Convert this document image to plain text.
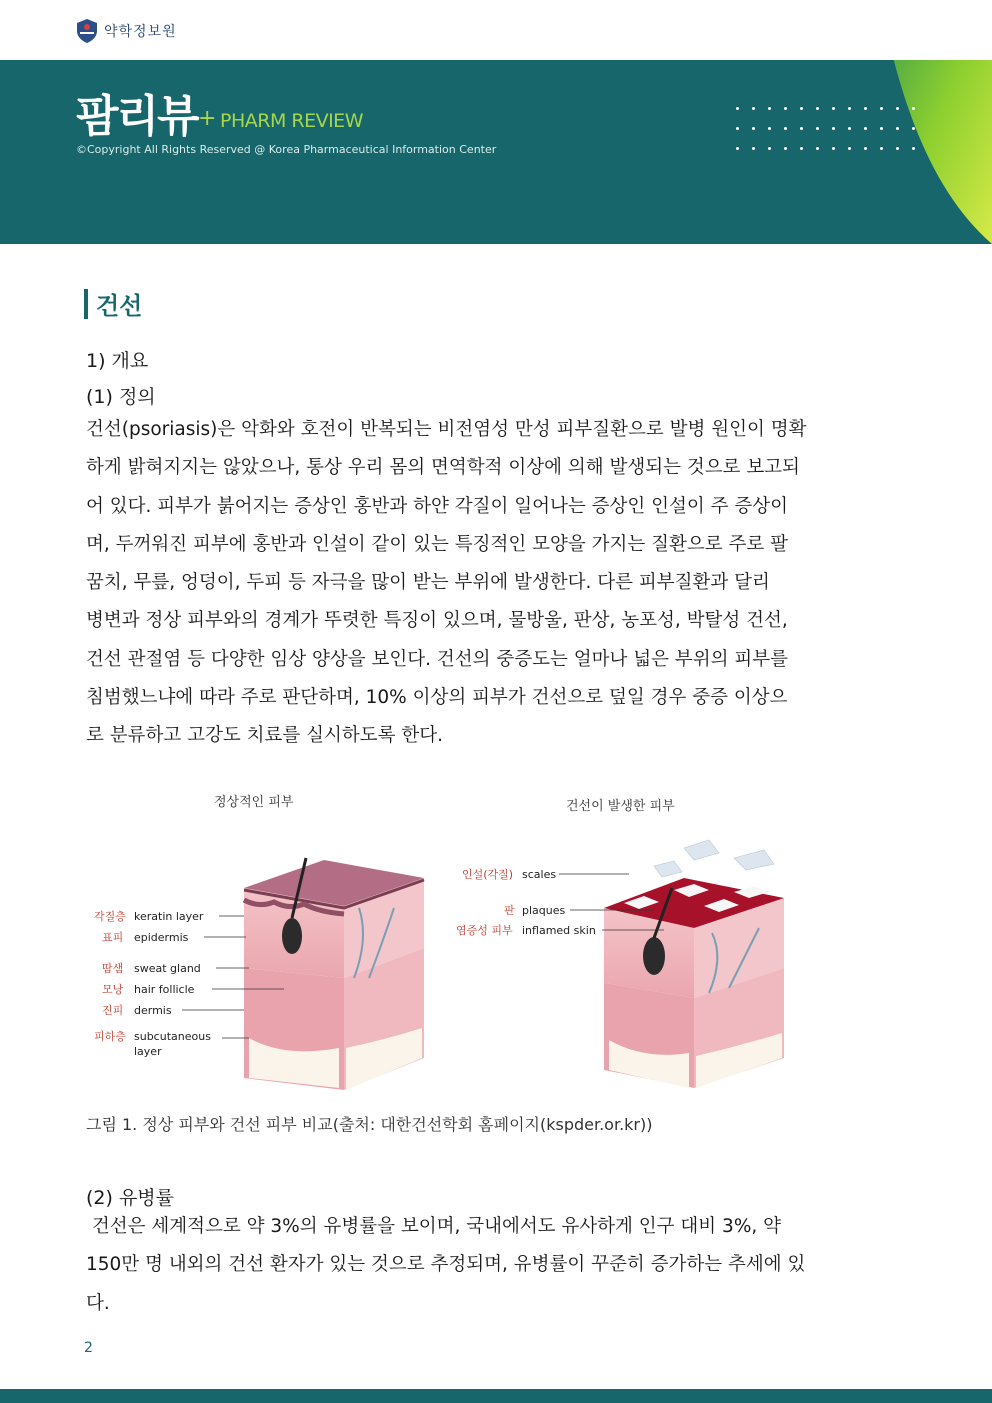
약학정보원
팜리뷰 + PHARM REVIEW
©Copyright All Rights Reserved @ Korea Pharmaceutical Information Center
건선
1) 개요
(1) 정의
건선(psoriasis)은 악화와 호전이 반복되는 비전염성 만성 피부질환으로 발병 원인이 명확
하게 밝혀지지는 않았으나, 통상 우리 몸의 면역학적 이상에 의해 발생되는 것으로 보고되
어 있다. 피부가 붉어지는 증상인 홍반과 하얀 각질이 일어나는 증상인 인설이 주 증상이
며, 두꺼워진 피부에 홍반과 인설이 같이 있는 특징적인 모양을 가지는 질환으로 주로 팔
꿈치, 무릎, 엉덩이, 두피 등 자극을 많이 받는 부위에 발생한다. 다른 피부질환과 달리
병변과 정상 피부와의 경계가 뚜렷한 특징이 있으며, 물방울, 판상, 농포성, 박탈성 건선,
건선 관절염 등 다양한 임상 양상을 보인다. 건선의 중증도는 얼마나 넓은 부위의 피부를
침범했느냐에 따라 주로 판단하며, 10% 이상의 피부가 건선으로 덮일 경우 중증 이상으
로 분류하고 고강도 치료를 실시하도록 한다.
정상적인 피부	건선이 발생한 피부
각질층 keratin layer
표피 epidermis
땀샘 sweat gland
모낭 hair follicle
진피 dermis
피하층 subcutaneous
layer
인설(각질) scales
판 plaques
염증성 피부 inflamed skin
그림 1. 정상 피부와 건선 피부 비교(출처: 대한건선학회 홈페이지(kspder.or.kr))
(2) 유병률
건선은 세계적으로 약 3%의 유병률을 보이며, 국내에서도 유사하게 인구 대비 3%, 약
150만 명 내외의 건선 환자가 있는 것으로 추정되며, 유병률이 꾸준히 증가하는 추세에 있
다.
2
